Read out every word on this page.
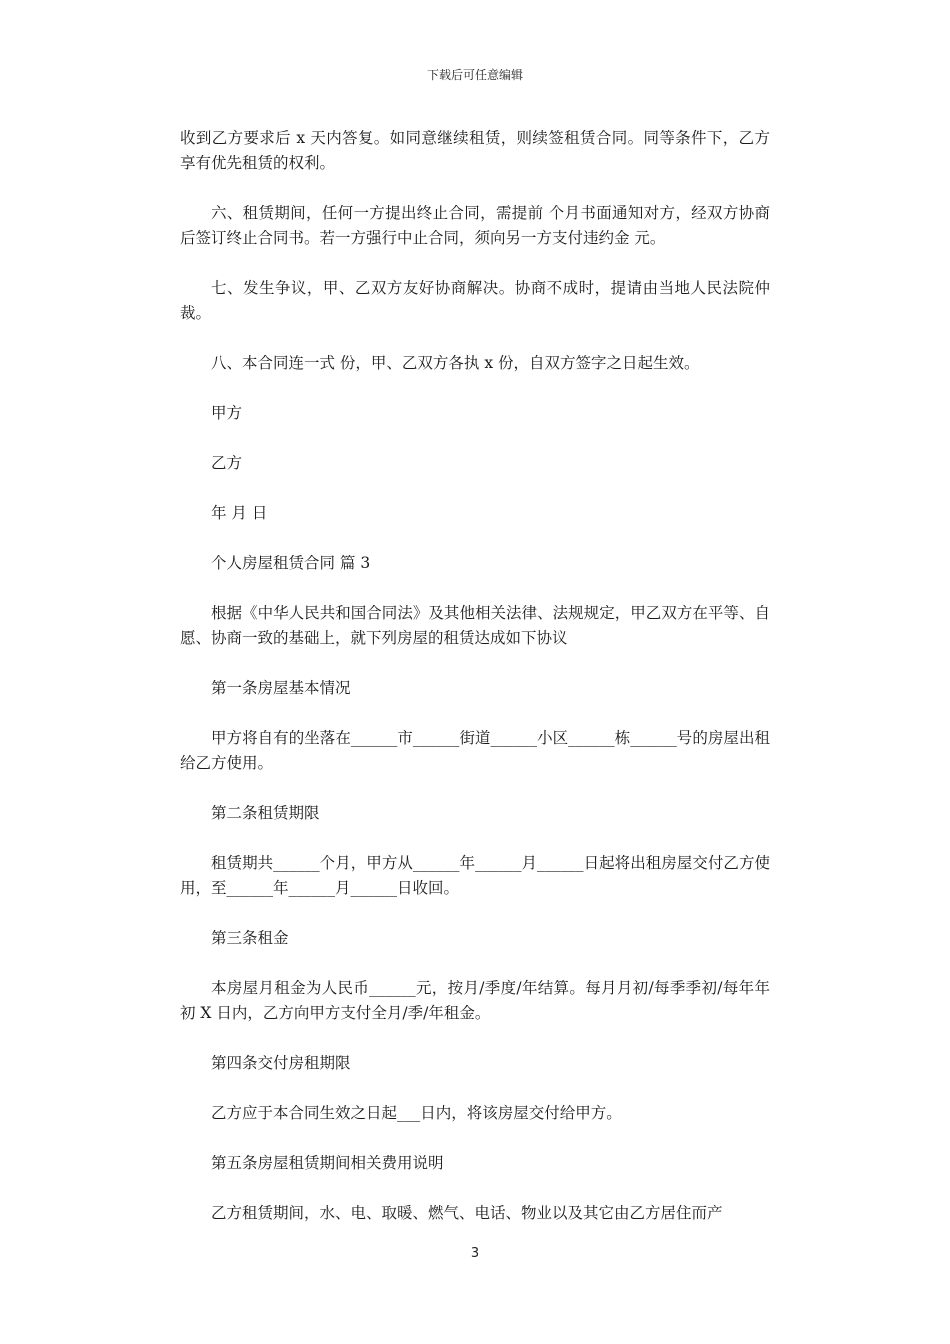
下载后可任意编辑

收到乙方要求后 x 天内答复。如同意继续租赁，则续签租赁合同。同等条件下，乙方享有优先租赁的权利。

六、租赁期间，任何一方提出终止合同，需提前 个月书面通知对方，经双方协商后签订终止合同书。若一方强行中止合同，须向另一方支付违约金 元。

七、发生争议，甲、乙双方友好协商解决。协商不成时，提请由当地人民法院仲裁。

八、本合同连一式 份，甲、乙双方各执 x 份，自双方签字之日起生效。

甲方

乙方

年 月 日

个人房屋租赁合同 篇 3

根据《中华人民共和国合同法》及其他相关法律、法规规定，甲乙双方在平等、自愿、协商一致的基础上，就下列房屋的租赁达成如下协议

第一条房屋基本情况

甲方将自有的坐落在______市______街道______小区______栋______号的房屋出租给乙方使用。

第二条租赁期限

租赁期共______个月，甲方从______年______月______日起将出租房屋交付乙方使用，至______年______月______日收回。

第三条租金

本房屋月租金为人民币______元，按月/季度/年结算。每月月初/每季季初/每年年初 X 日内，乙方向甲方支付全月/季/年租金。

第四条交付房租期限

乙方应于本合同生效之日起___日内，将该房屋交付给甲方。

第五条房屋租赁期间相关费用说明

乙方租赁期间，水、电、取暖、燃气、电话、物业以及其它由乙方居住而产

3
